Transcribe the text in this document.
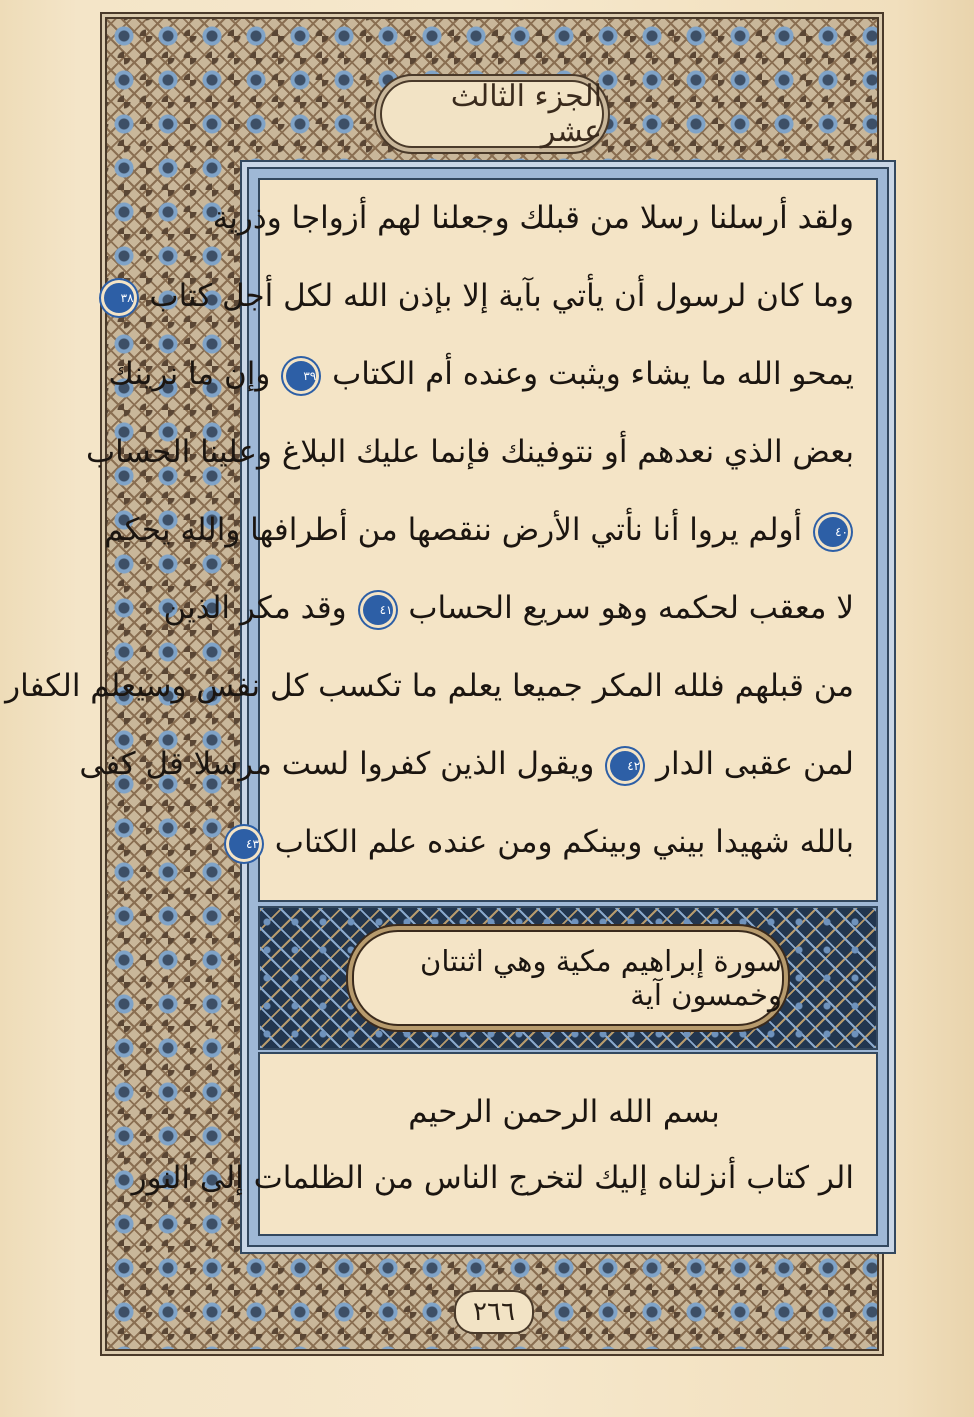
الجزء الثالث عشر
ولقد أرسلنا رسلا من قبلك وجعلنا لهم أزواجا وذرية
وما كان لرسول أن يأتي بآية إلا بإذن الله لكل أجل كتاب ٣٨
يمحو الله ما يشاء ويثبت وعنده أم الكتاب ٣٩ وإن ما نرينك
بعض الذي نعدهم أو نتوفينك فإنما عليك البلاغ وعلينا الحساب
٤٠ أولم يروا أنا نأتي الأرض ننقصها من أطرافها والله يحكم
لا معقب لحكمه وهو سريع الحساب ٤١ وقد مكر الذين
من قبلهم فلله المكر جميعا يعلم ما تكسب كل نفس وسيعلم الكفار
لمن عقبى الدار ٤٢ ويقول الذين كفروا لست مرسلا قل كفى
بالله شهيدا بيني وبينكم ومن عنده علم الكتاب ٤٣
سورة إبراهيم مكية وهي اثنتان وخمسون آية
بسم الله الرحمن الرحيم
الر كتاب أنزلناه إليك لتخرج الناس من الظلمات إلى النور
٢٦٦
